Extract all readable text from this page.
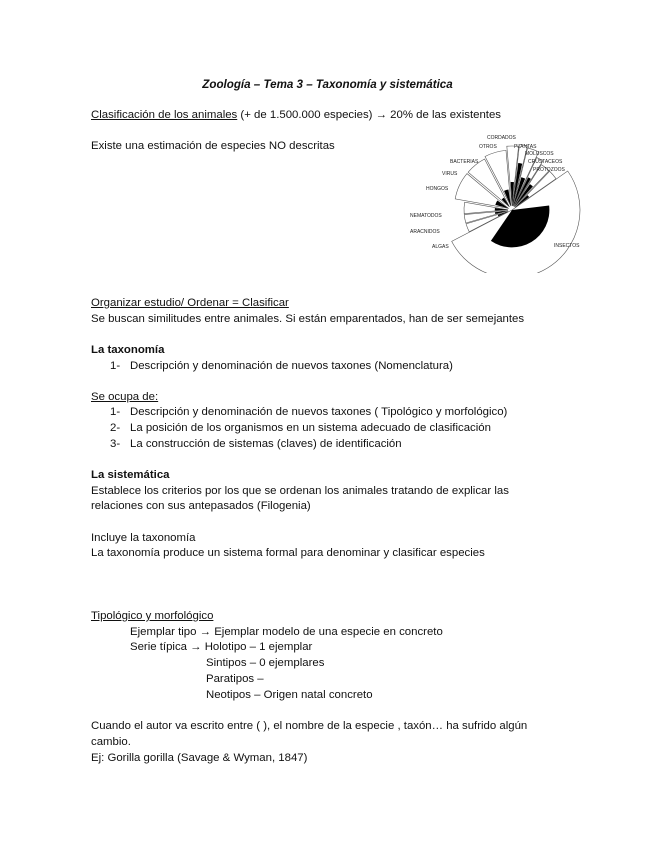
Zoología – Tema 3 – Taxonomía y sistemática
Clasificación de los animales (+ de 1.500.000 especies) → 20% de las existentes
Existe una estimación de especies NO descritas
CORDADOS
OTROS	PLANTAS
MOLUSCOS
BACTERIAS	CRUSTACEOS
PROTOZOOS
VIRUS
HONGOS
NEMATODOS
ARACNIDOS
ALGAS	INSECTOS
Organizar estudio/ Ordenar = Clasificar
Se buscan similitudes entre animales. Si están emparentados, han de ser semejantes
La taxonomía
1- Descripción y denominación de nuevos taxones (Nomenclatura)
Se ocupa de:
1- Descripción y denominación de nuevos taxones ( Tipológico y morfológico)
2- La posición de los organismos en un sistema adecuado de clasificación
3- La construcción de sistemas (claves) de identificación
La sistemática
Establece los criterios por los que se ordenan los animales tratando de explicar las
relaciones con sus antepasados (Filogenia)
Incluye la taxonomía
La taxonomía produce un sistema formal para denominar y clasificar especies
Tipológico y morfológico
Ejemplar tipo → Ejemplar modelo de una especie en concreto
Serie típica → Holotipo – 1 ejemplar
Sintipos – 0 ejemplares
Paratipos –
Neotipos – Origen natal concreto
Cuando el autor va escrito entre ( ), el nombre de la especie , taxón… ha sufrido algún
cambio.
Ej: Gorilla gorilla (Savage & Wyman, 1847)
